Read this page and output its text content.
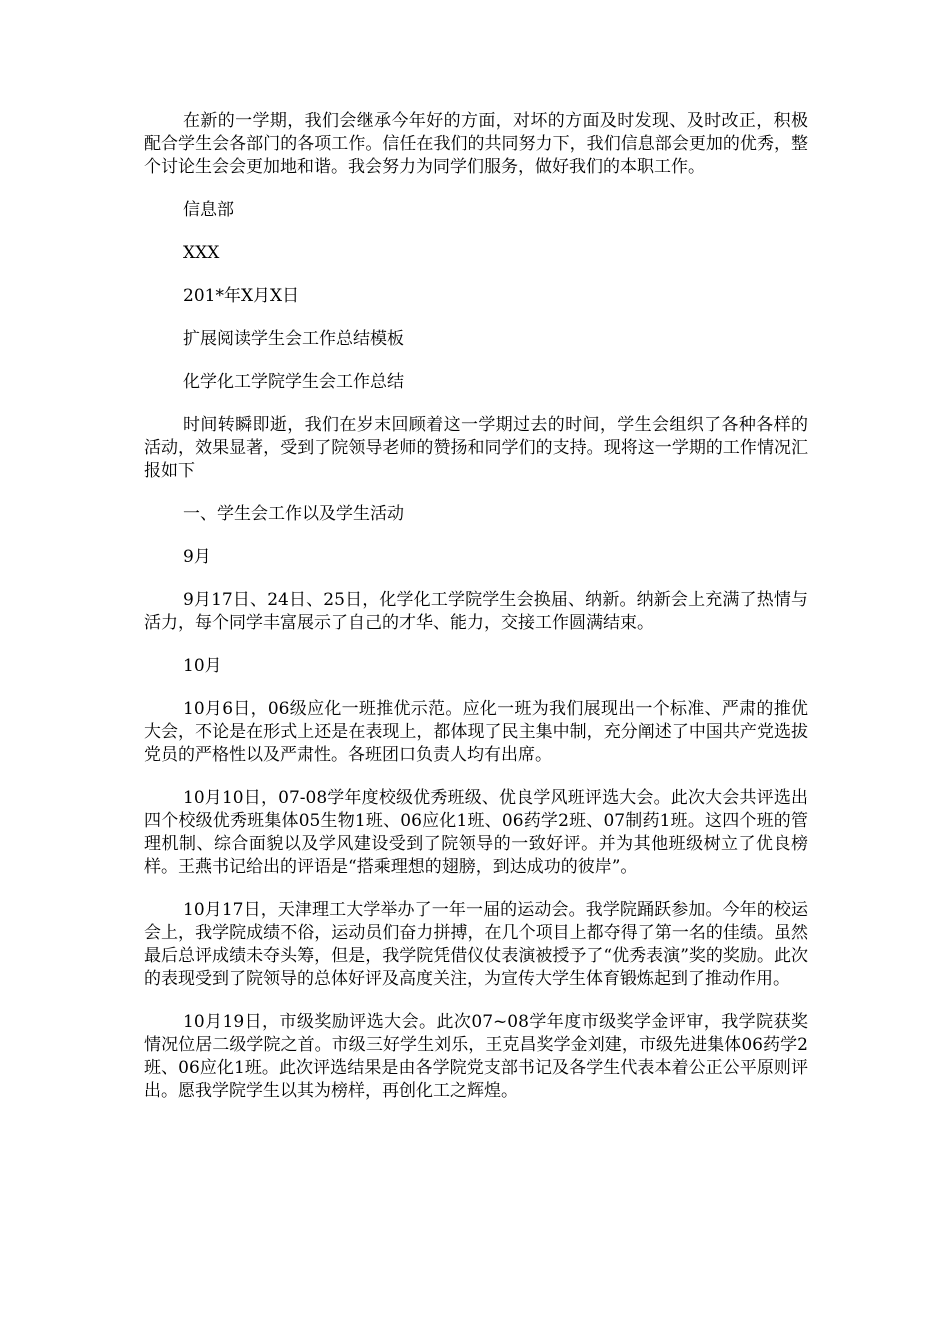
在新的一学期，我们会继承今年好的方面，对坏的方面及时发现、及时改正，积极配合学生会各部门的各项工作。信任在我们的共同努力下，我们信息部会更加的优秀，整个讨论生会会更加地和谐。我会努力为同学们服务，做好我们的本职工作。

信息部

XXX

201*年X月X日

扩展阅读学生会工作总结模板

化学化工学院学生会工作总结

时间转瞬即逝，我们在岁末回顾着这一学期过去的时间，学生会组织了各种各样的活动，效果显著，受到了院领导老师的赞扬和同学们的支持。现将这一学期的工作情况汇报如下

一、学生会工作以及学生活动

9月

9月17日、24日、25日，化学化工学院学生会换届、纳新。纳新会上充满了热情与活力，每个同学丰富展示了自己的才华、能力，交接工作圆满结束。

10月

10月6日，06级应化一班推优示范。应化一班为我们展现出一个标准、严肃的推优大会，不论是在形式上还是在表现上，都体现了民主集中制，充分阐述了中国共产党选拔党员的严格性以及严肃性。各班团口负责人均有出席。

10月10日，07-08学年度校级优秀班级、优良学风班评选大会。此次大会共评选出四个校级优秀班集体05生物1班、06应化1班、06药学2班、07制药1班。这四个班的管理机制、综合面貌以及学风建设受到了院领导的一致好评。并为其他班级树立了优良榜样。王燕书记给出的评语是“搭乘理想的翅膀，到达成功的彼岸”。

10月17日，天津理工大学举办了一年一届的运动会。我学院踊跃参加。今年的校运会上，我学院成绩不俗，运动员们奋力拼搏，在几个项目上都夺得了第一名的佳绩。虽然最后总评成绩未夺头筹，但是，我学院凭借仪仗表演被授予了“优秀表演”奖的奖励。此次的表现受到了院领导的总体好评及高度关注，为宣传大学生体育锻炼起到了推动作用。

10月19日，市级奖励评选大会。此次07~08学年度市级奖学金评审，我学院获奖情况位居二级学院之首。市级三好学生刘乐，王克昌奖学金刘建，市级先进集体06药学2班、06应化1班。此次评选结果是由各学院党支部书记及各学生代表本着公正公平原则评出。愿我学院学生以其为榜样，再创化工之辉煌。
